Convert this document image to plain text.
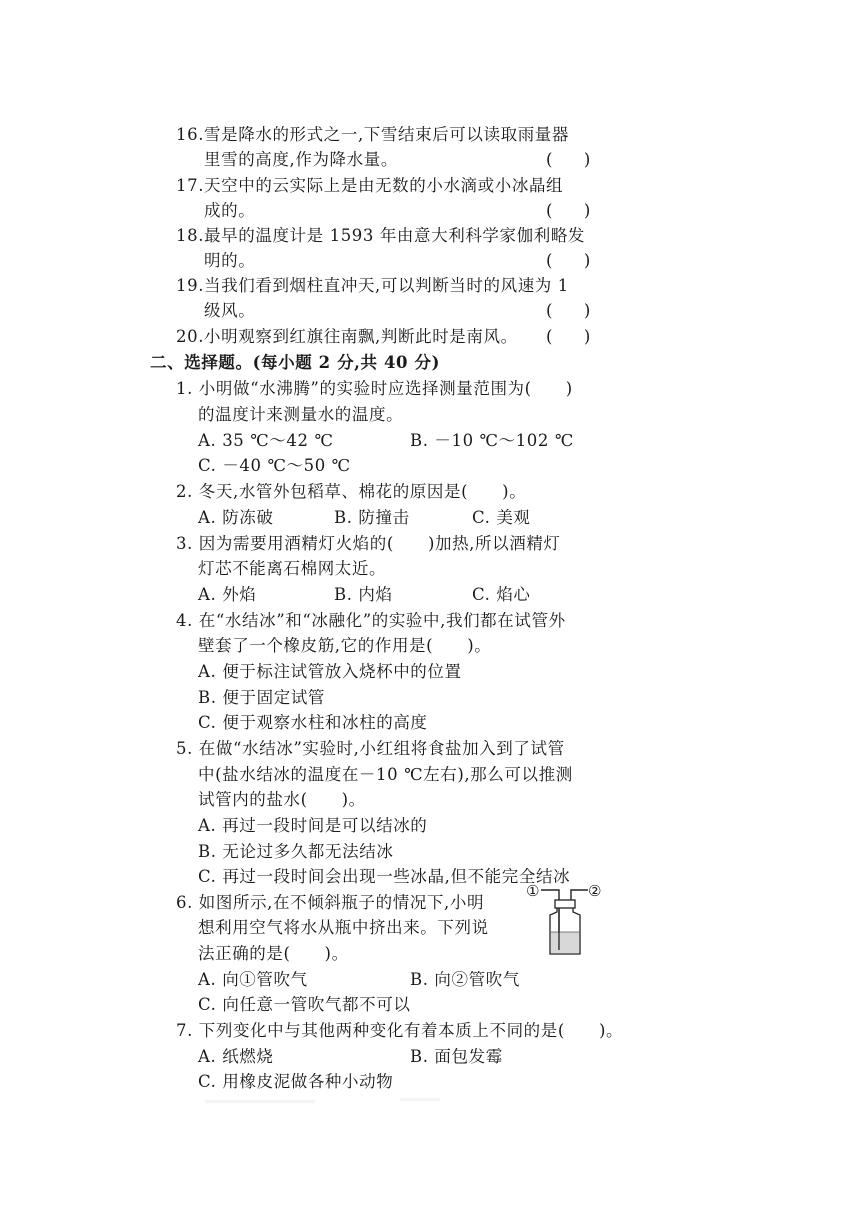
16.雪是降水的形式之一,下雪结束后可以读取雨量器
里雪的高度,作为降水量。	(      )
17.天空中的云实际上是由无数的小水滴或小冰晶组
成的。	(      )
18.最早的温度计是 1593 年由意大利科学家伽利略发
明的。	(      )
19.当我们看到烟柱直冲天,可以判断当时的风速为 1
级风。	(      )
20.小明观察到红旗往南飘,判断此时是南风。 (      )
二、选择题。(每小题 2 分,共 40 分)
1. 小明做“水沸腾”的实验时应选择测量范围为( )
的温度计来测量水的温度。
A. 35 ℃～42 ℃	B. －10 ℃～102 ℃
C. －40 ℃～50 ℃
2. 冬天,水管外包稻草、棉花的原因是( )。
A. 防冻破	B. 防撞击	C. 美观
3. 因为需要用酒精灯火焰的( )加热,所以酒精灯
灯芯不能离石棉网太近。
A. 外焰	B. 内焰	C. 焰心
4. 在“水结冰”和“冰融化”的实验中,我们都在试管外
壁套了一个橡皮筋,它的作用是( )。
A. 便于标注试管放入烧杯中的位置
B. 便于固定试管
C. 便于观察水柱和冰柱的高度
5. 在做“水结冰”实验时,小红组将食盐加入到了试管
中(盐水结冰的温度在－10 ℃左右),那么可以推测
试管内的盐水( )。
A. 再过一段时间是可以结冰的
B. 无论过多久都无法结冰
C. 再过一段时间会出现一些冰晶,但不能完全结冰
6. 如图所示,在不倾斜瓶子的情况下,小明
想利用空气将水从瓶中挤出来。下列说
法正确的是( )。
A. 向①管吹气	B. 向②管吹气
C. 向任意一管吹气都不可以
①	②
7. 下列变化中与其他两种变化有着本质上不同的是( )。
A. 纸燃烧	B. 面包发霉
C. 用橡皮泥做各种小动物
